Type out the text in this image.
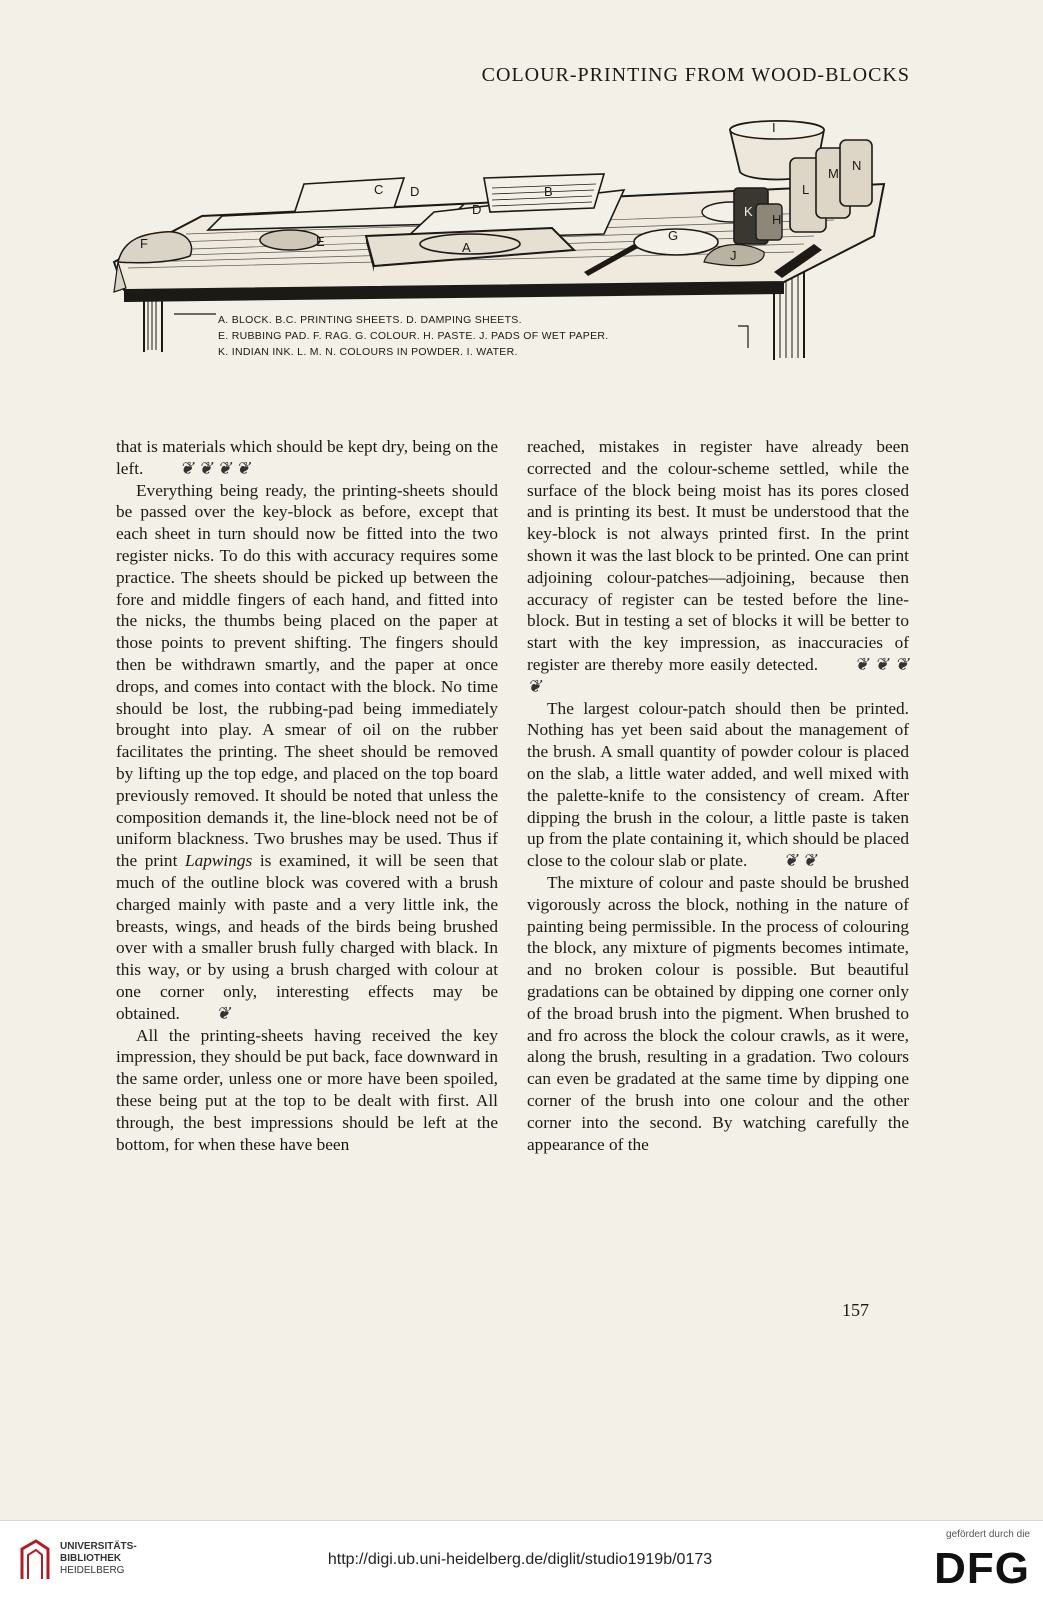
COLOUR-PRINTING FROM WOOD-BLOCKS
A
B
C D
D
E
F
G
H
I
J
K
L
M
N
A. BLOCK. B.C. PRINTING SHEETS. D. DAMPING SHEETS.
E. RUBBING PAD. F. RAG. G. COLOUR. H. PASTE. J. PADS OF WET PAPER.
K. INDIAN INK. L. M. N. COLOURS IN POWDER. I. WATER.

that is materials which should be kept dry, being on the left. ❦ ❦ ❦ ❦

Everything being ready, the printing-sheets should be passed over the key-block as before, except that each sheet in turn should now be fitted into the two register nicks. To do this with accuracy requires some practice. The sheets should be picked up between the fore and middle fingers of each hand, and fitted into the nicks, the thumbs being placed on the paper at those points to prevent shifting. The fingers should then be withdrawn smartly, and the paper at once drops, and comes into contact with the block. No time should be lost, the rubbing-pad being immediately brought into play. A smear of oil on the rubber facilitates the printing. The sheet should be removed by lifting up the top edge, and placed on the top board previously removed. It should be noted that unless the composition demands it, the line-block need not be of uniform blackness. Two brushes may be used. Thus if the print Lapwings is examined, it will be seen that much of the outline block was covered with a brush charged mainly with paste and a very little ink, the breasts, wings, and heads of the birds being brushed over with a smaller brush fully charged with black. In this way, or by using a brush charged with colour at one corner only, interesting effects may be obtained. ❦

All the printing-sheets having received the key impression, they should be put back, face downward in the same order, unless one or more have been spoiled, these being put at the top to be dealt with first. All through, the best impressions should be left at the bottom, for when these have been

reached, mistakes in register have already been corrected and the colour-scheme settled, while the surface of the block being moist has its pores closed and is printing its best. It must be understood that the key-block is not always printed first. In the print shown it was the last block to be printed. One can print adjoining colour-patches—adjoining, because then accuracy of register can be tested before the line-block. But in testing a set of blocks it will be better to start with the key impression, as inaccuracies of register are thereby more easily detected. ❦ ❦ ❦ ❦

The largest colour-patch should then be printed. Nothing has yet been said about the management of the brush. A small quantity of powder colour is placed on the slab, a little water added, and well mixed with the palette-knife to the consistency of cream. After dipping the brush in the colour, a little paste is taken up from the plate containing it, which should be placed close to the colour slab or plate. ❦ ❦

The mixture of colour and paste should be brushed vigorously across the block, nothing in the nature of painting being permissible. In the process of colouring the block, any mixture of pigments becomes intimate, and no broken colour is possible. But beautiful gradations can be obtained by dipping one corner only of the broad brush into the pigment. When brushed to and fro across the block the colour crawls, as it were, along the brush, resulting in a gradation. Two colours can even be gradated at the same time by dipping one corner of the brush into one colour and the other corner into the second. By watching carefully the appearance of the

157
UNIVERSITÄTS-
BIBLIOTHEK
HEIDELBERG
http://digi.ub.uni-heidelberg.de/diglit/studio1919b/0173
gefördert durch die
DFG
